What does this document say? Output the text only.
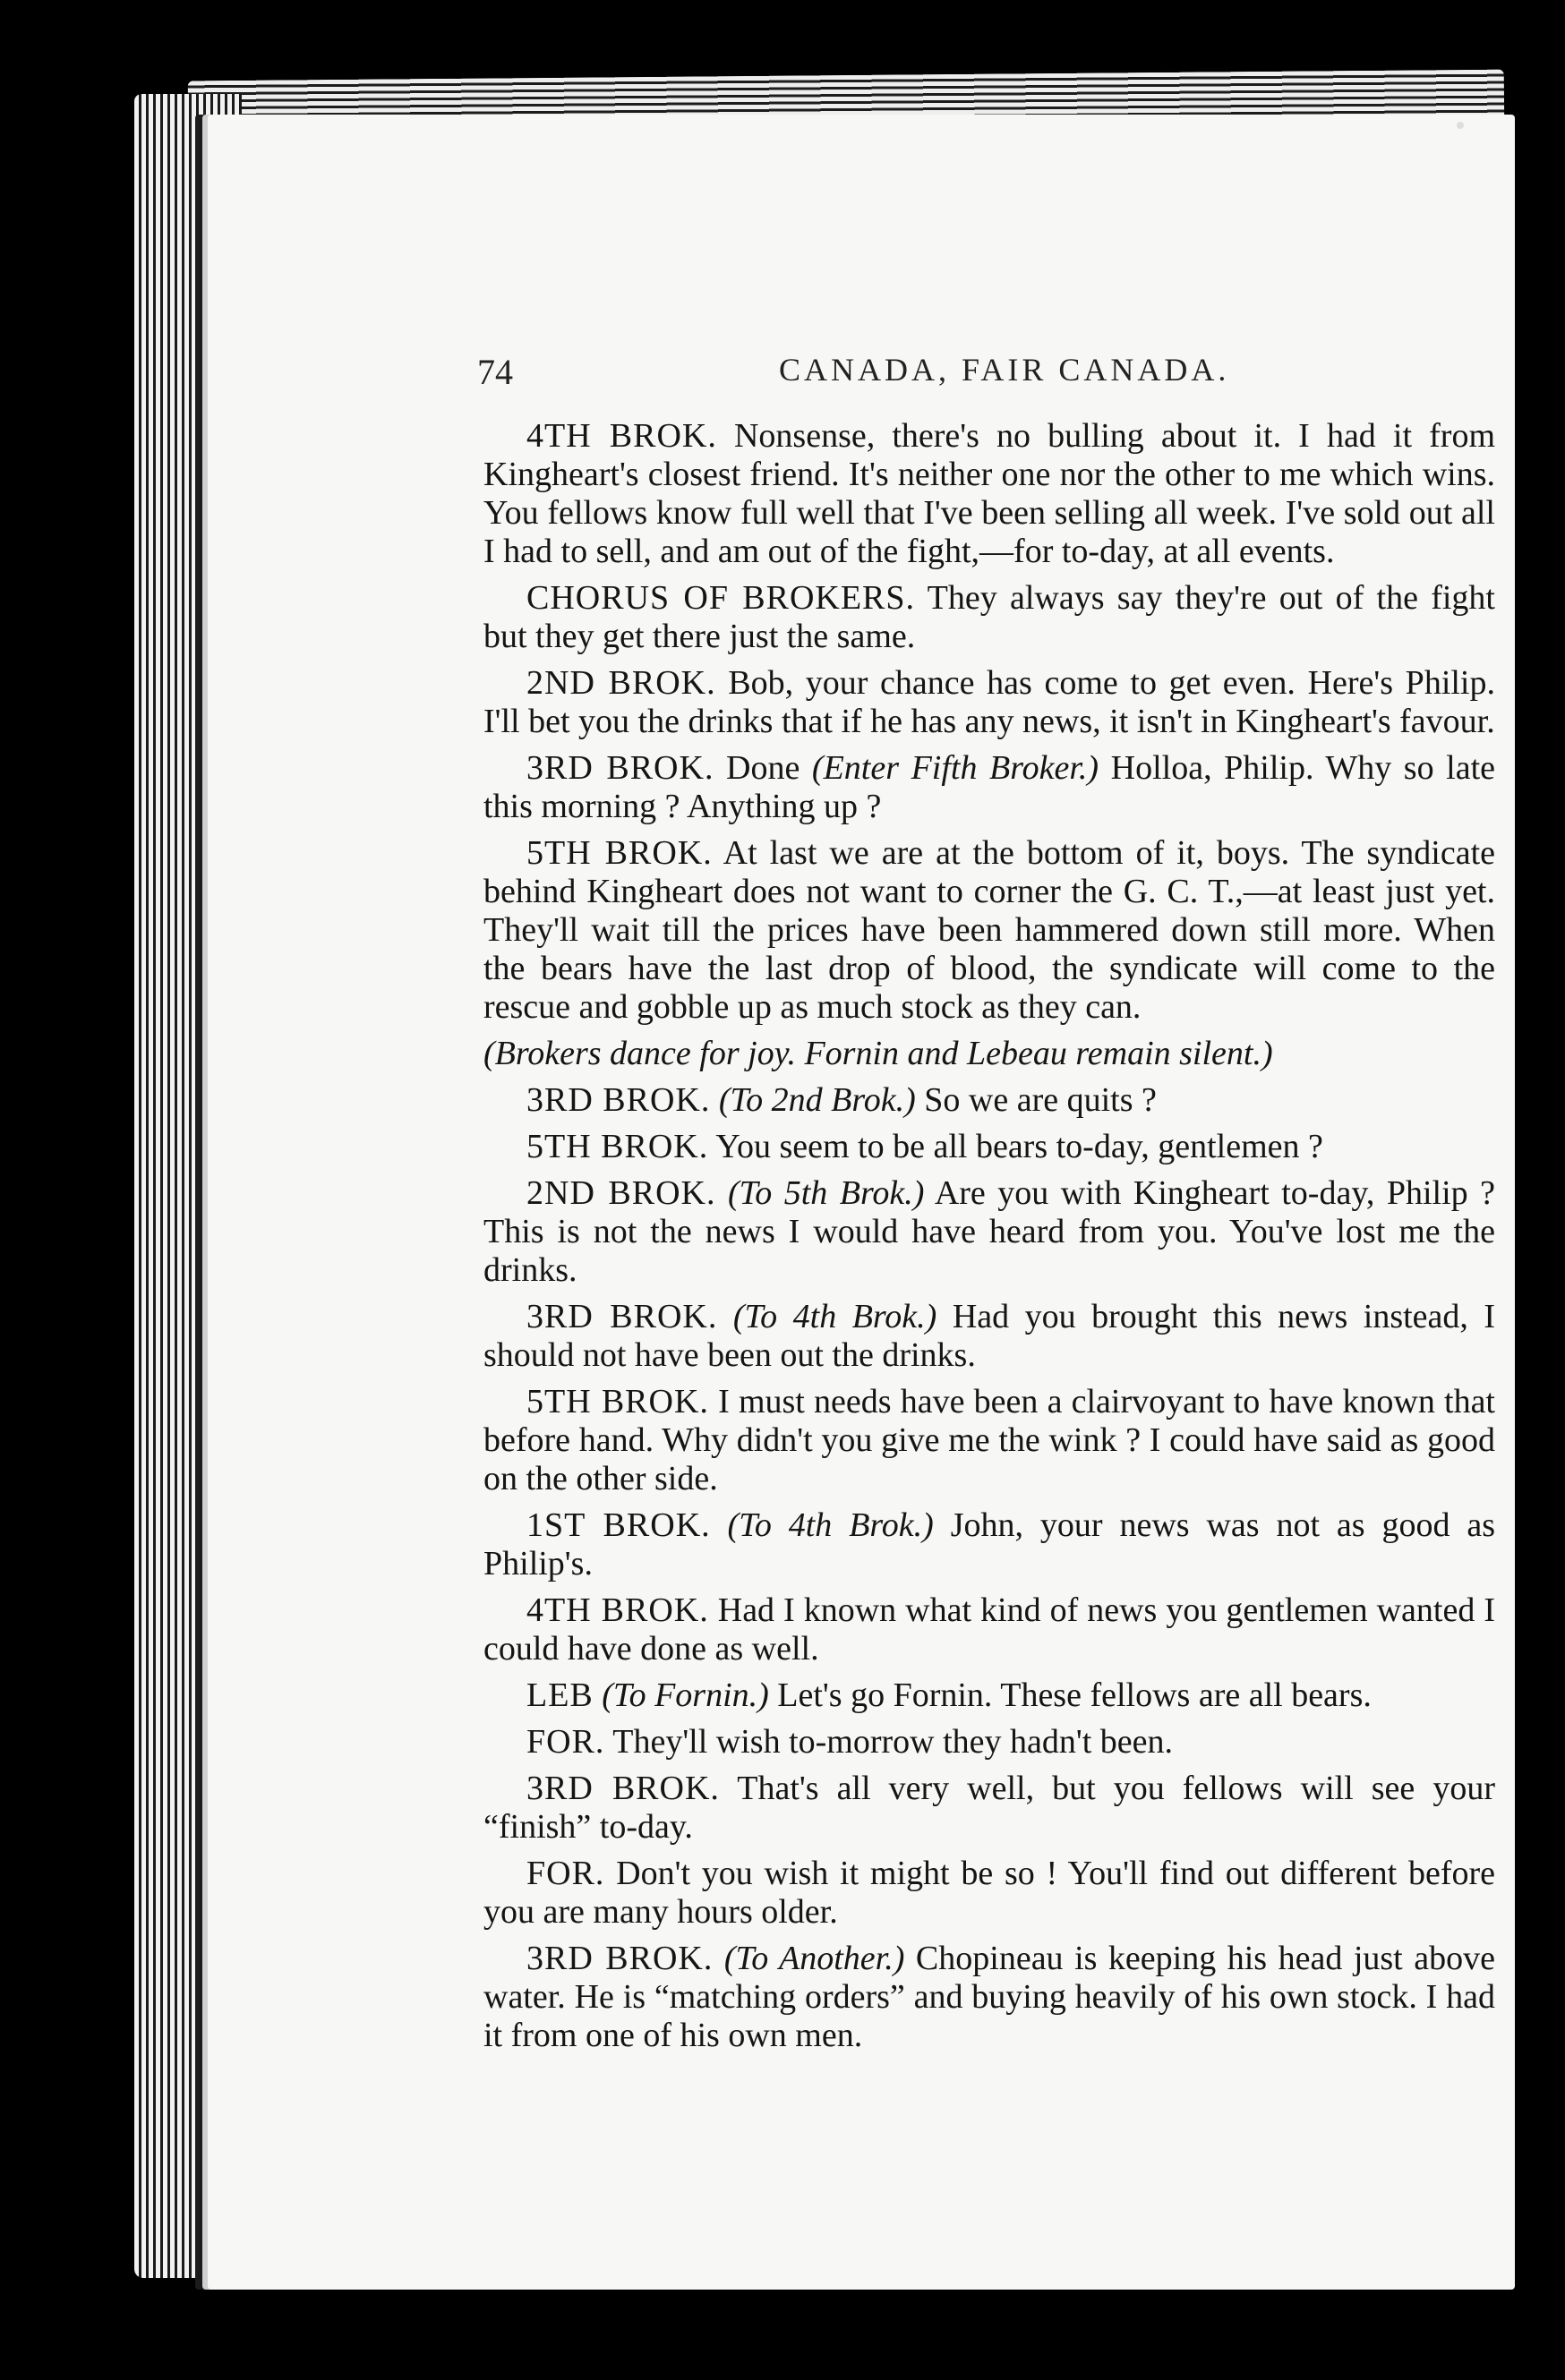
74	CANADA, FAIR CANADA.
4TH BROK. Nonsense, there's no bulling about it. I had it from Kingheart's closest friend. It's neither one nor the other to me which wins. You fellows know full well that I've been selling all week. I've sold out all I had to sell, and am out of the fight,—for to-day, at all events.
CHORUS OF BROKERS. They always say they're out of the fight but they get there just the same.
2ND BROK. Bob, your chance has come to get even. Here's Philip. I'll bet you the drinks that if he has any news, it isn't in Kingheart's favour.
3RD BROK. Done (Enter Fifth Broker.) Holloa, Philip. Why so late this morning ? Anything up ?
5TH BROK. At last we are at the bottom of it, boys. The syndicate behind Kingheart does not want to corner the G. C. T.,—at least just yet. They'll wait till the prices have been hammered down still more. When the bears have the last drop of blood, the syndicate will come to the rescue and gobble up as much stock as they can.
(Brokers dance for joy. Fornin and Lebeau remain silent.)
3RD BROK. (To 2nd Brok.) So we are quits ?
5TH BROK. You seem to be all bears to-day, gentlemen ?
2ND BROK. (To 5th Brok.) Are you with Kingheart to-day, Philip ? This is not the news I would have heard from you. You've lost me the drinks.
3RD BROK. (To 4th Brok.) Had you brought this news instead, I should not have been out the drinks.
5TH BROK. I must needs have been a clairvoyant to have known that before hand. Why didn't you give me the wink ? I could have said as good on the other side.
1ST BROK. (To 4th Brok.) John, your news was not as good as Philip's.
4TH BROK. Had I known what kind of news you gentlemen wanted I could have done as well.
LEB (To Fornin.) Let's go Fornin. These fellows are all bears.
FOR. They'll wish to-morrow they hadn't been.
3RD BROK. That's all very well, but you fellows will see your “finish” to-day.
FOR. Don't you wish it might be so ! You'll find out different before you are many hours older.
3RD BROK. (To Another.) Chopineau is keeping his head just above water. He is “matching orders” and buying heavily of his own stock. I had it from one of his own men.
